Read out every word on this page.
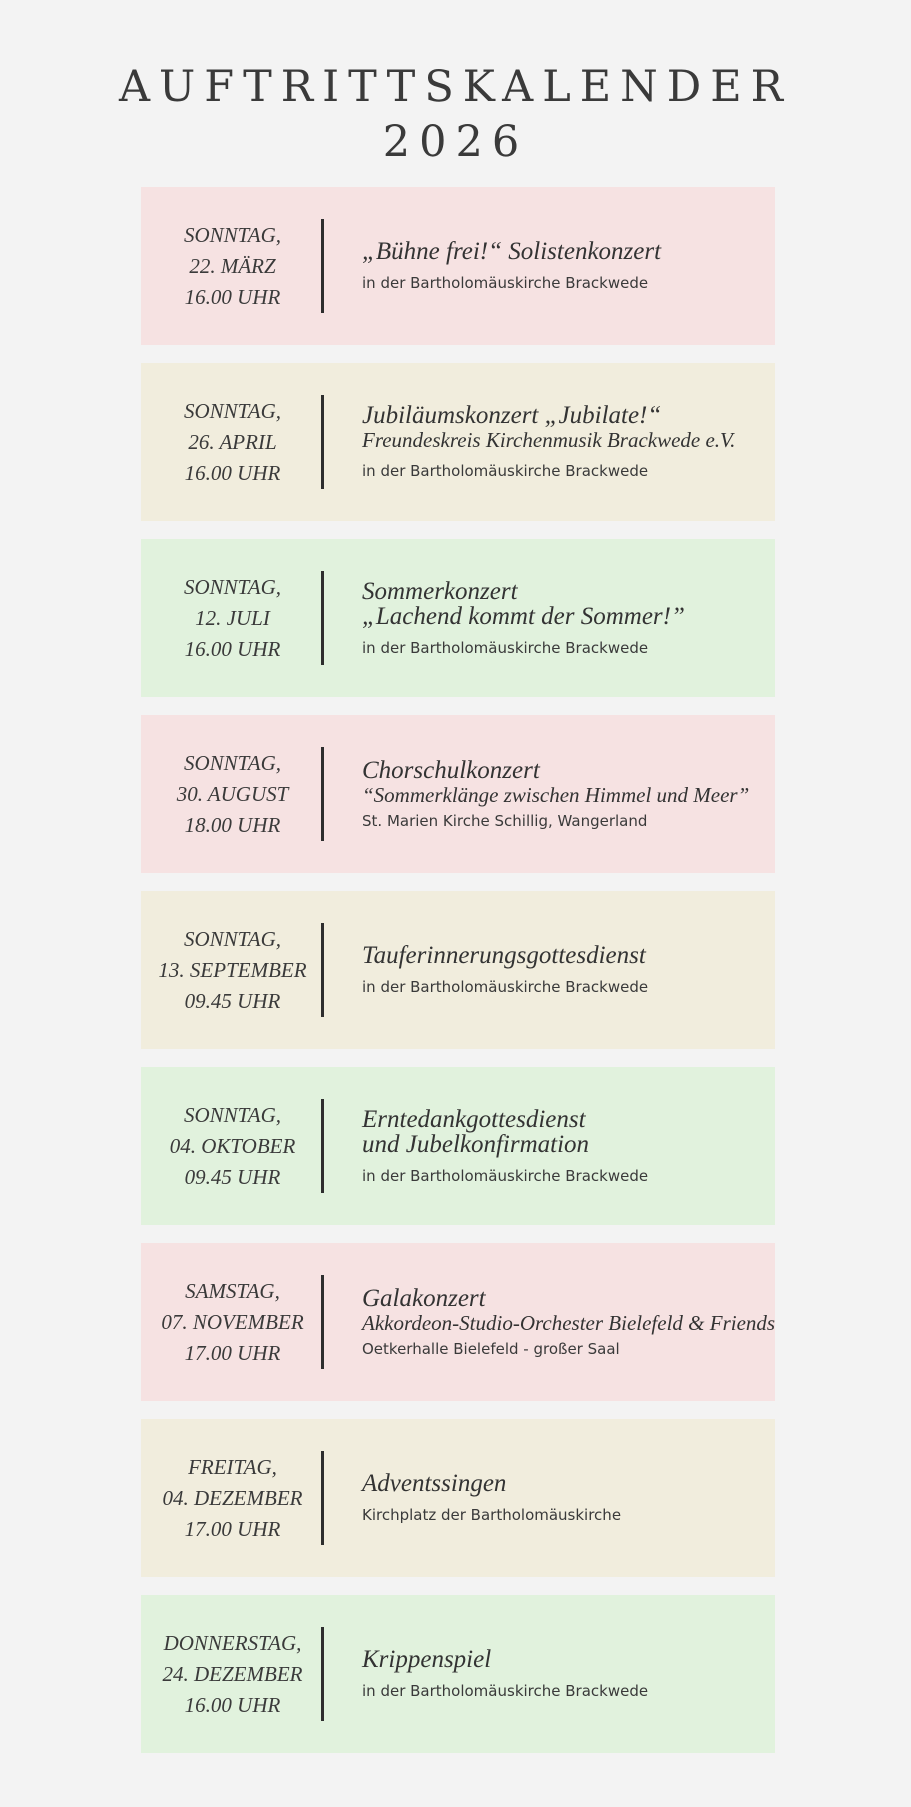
AUFTRITTSKALENDER
2026
SONNTAG,
22. MÄRZ
16.00 UHR
„Bühne frei!“ Solistenkonzert
in der Bartholomäuskirche Brackwede
SONNTAG,
26. APRIL
16.00 UHR
Jubiläumskonzert „Jubilate!“
Freundeskreis Kirchenmusik Brackwede e.V.
in der Bartholomäuskirche Brackwede
SONNTAG,
12. JULI
16.00 UHR
Sommerkonzert
„Lachend kommt der Sommer!”
in der Bartholomäuskirche Brackwede
SONNTAG,
30. AUGUST
18.00 UHR
Chorschulkonzert
“Sommerklänge zwischen Himmel und Meer”
St. Marien Kirche Schillig, Wangerland
SONNTAG,
13. SEPTEMBER
09.45 UHR
Tauferinnerungsgottesdienst
in der Bartholomäuskirche Brackwede
SONNTAG,
04. OKTOBER
09.45 UHR
Erntedankgottesdienst
und Jubelkonfirmation
in der Bartholomäuskirche Brackwede
SAMSTAG,
07. NOVEMBER
17.00 UHR
Galakonzert
Akkordeon-Studio-Orchester Bielefeld & Friends
Oetkerhalle Bielefeld - großer Saal
FREITAG,
04. DEZEMBER
17.00 UHR
Adventssingen
Kirchplatz der Bartholomäuskirche
DONNERSTAG,
24. DEZEMBER
16.00 UHR
Krippenspiel
in der Bartholomäuskirche Brackwede
